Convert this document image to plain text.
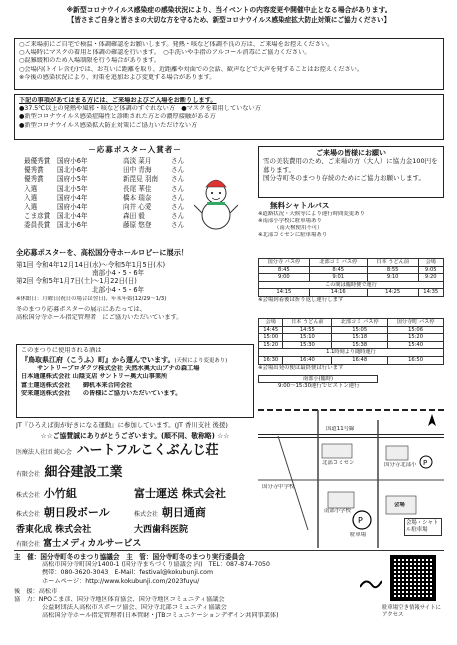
※新型コロナウイルス感染症の感染状況により、当イベントの内容変更や開催中止となる場合があります。
【皆さまご自身と皆さまの大切な方を守るため、新型コロナウイルス感染症拡大防止対策にご協力ください】
○ご来場前にご自宅で検温・体調確認をお願いします。発熱・咳など体調不良の方は、ご来場をお控えください。
○入場時にマスクの着用と体調の確認を行います。　○手洗いや手指のアルコール消毒にご協力ください。
○混雑緩和のため入場制限を行う場合があります。
○会場内(トイレ含む)では、お互いに距離を取り、近距離や対面での会話、歓声などで大声を発することはお控えください。
※今後の感染状況により、対策を追加および変更する場合があります。
下記の事項があてはまる方には、ご来場およびご入場をお断りします。
●37.5℃以上の発熱や風邪・咳など体調のすぐれない方　●マスクを着用していない方
●新型コロナウイルス感染症陽性と診断された方との濃厚接触がある方
●新型コロナウイルス感染拡大防止対策にご協力いただけない方
－応募ポスター入賞者－
最優秀賞	国府小6年	高淡 菜月	さん
優秀賞	国北小6年	田中 青海	さん
優秀賞	国府小5年	新毘見 羽南	さん
入選	国北小5年	長尾 華佳	さん
入選	国府小4年	橋本 瑞奈	さん
入選	国府小4年	向井 心愛	さん
こま彦賞	国北小4年	森田 毅	さん
委員長賞	国北小6年	藤原 悠登	さん
全応募ポスターを、高松国分寺ホールロビーに展示！
第1回 令和4年12月14日(水)～令和5年1月5日(木)
南部小4・5・6年
第2回 令和5年1月7日(土)～1月22日(日)
北部小4・5・6年
※休館日：月曜日(祝日の場合は翌日)、年末年始(12/29～1/3)
冬のまつり応募ポスターの展示にあたっては、
高松国分寺ホール指定管理者　にご協力いただいています。
このまつりに使用される酒は
『鳥取県江府（こうふ）町』から運んでいます。(天候により変更あり)
サントリープロダクツ株式会社 天然水奥大山ブナの森工場
日本通運株式会社 山陰支店 サントリー奥大山事業所
富士運送株式会社　　御机本来合同会社
安来運送株式会社　　の皆様にご協力いただいています。
JT『ひろえば街が好きになる運動』に参加しています。(JT 香川支社 後援)
☆☆ご協賛誠にありがとうございます。(順不同、敬称略) ☆☆
医療法人社団 純心会 ハートフルこくぶんじ荘
有限会社 細谷建設工業
株式会社 小竹組	富士運送 株式会社
株式会社 朝日段ボール	株式会社 朝日通商
香東化成 株式会社	大西歯科医院
有限会社 富士メディカルサービス
ご来場の皆様にお願い
雪の美装費用のため、ご来場の方（大人）に協力金100円を募ります。
国分寺町冬のまつり存続のためにご協力お願いします。
無料シャトルバス
※道路状況・天候等により運行時間変更あり
※南部小学校に駐車場あり
（南天検便用不可）
※北部コミセンに駐車場あり
国分寺 バス停	北部コミ バス停	日本 うどん前	会場
8:45	8:45	8:55	9:05
9:00	9:01	9:10	9:20
この間は臨時便で運行			
14:15	14:16	14:25	14:35
※会場到着後は折り返し運行します
会場	日本 うどん前	北部コミ バス停	国分寺町 バス停
14:45	14:55	15:05	15:06
15:00	15:10	15:18	15:20
15:20	15:30	15:38	15:40
1.1時刻より随時運行			
16:30	16:40	16:48	16:50
※会場出発の便は最終便は行います
南部小(臨時)
9:00～15:30運行でピストン運行
P
P
国道11号線
北部コミセン	国分寺北部小
南部小学校
会場
国分寺中学校
駐車場
会場・シャトル駐車場
主　催：国分寺町冬のまつり協議会　主　管：国分寺町冬のまつり実行委員会
高松市国分寺町国分1400-1 (国分寺まちづくり協議会 内)　TEL：087-874-7050
携帯：080-3620-3043　E-Mail：festival@kokubunji.com
ホームページ：http://www.kokubunji.com/2023fuyu/
後　援：高松市
協　力：NPOこま彦、国分寺地区体育協会、国分寺地区コミュニティ協議会
公益財団法人高松市スポーツ協会、国分寺北部コミュニティ協議会
高松国分寺ホール指定管理者(日本管財・JTBコミュニケーションデザイン共同事業体)
駐車場空き情報サイトにアクセス
